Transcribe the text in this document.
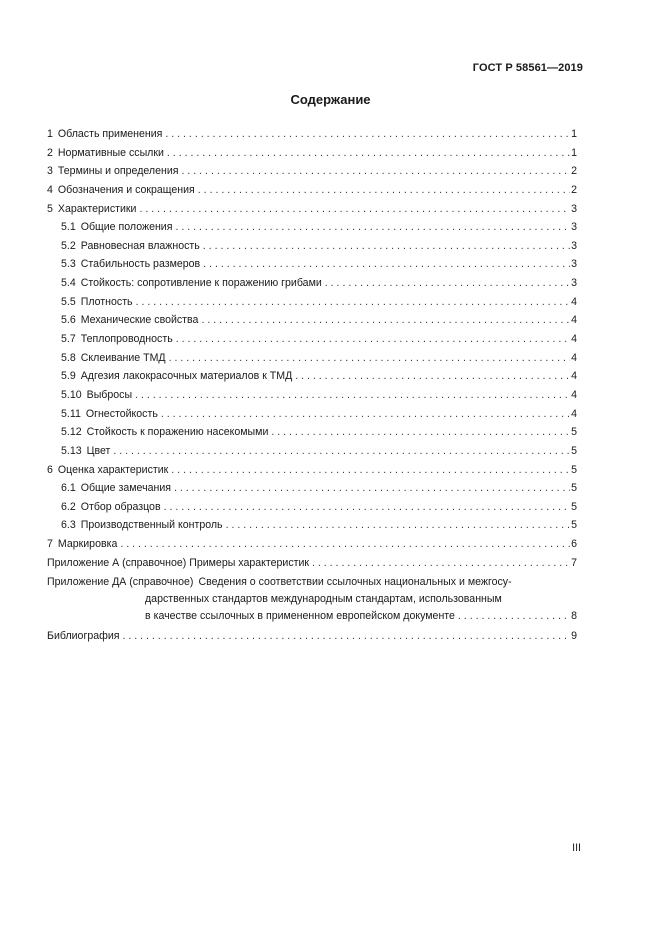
ГОСТ Р 58561—2019
Содержание
1 Область применения . . .	1
2 Нормативные ссылки . . .	1
3 Термины и определения . . .	2
4 Обозначения и сокращения . . .	2
5 Характеристики . . .	3
5.1 Общие положения . . .	3
5.2 Равновесная влажность . . .	3
5.3 Стабильность размеров . . .	3
5.4 Стойкость: сопротивление к поражению грибами . . .	3
5.5 Плотность . . .	4
5.6 Механические свойства . . .	4
5.7 Теплопроводность . . .	4
5.8 Склеивание ТМД . . .	4
5.9 Адгезия лакокрасочных материалов к ТМД . . .	4
5.10 Выбросы . . .	4
5.11 Огнестойкость . . .	4
5.12 Стойкость к поражению насекомыми . . .	5
5.13 Цвет . . .	5
6 Оценка характеристик . . .	5
6.1 Общие замечания . . .	5
6.2 Отбор образцов . . .	5
6.3 Производственный контроль . . .	5
7 Маркировка . . .	6
Приложение А (справочное) Примеры характеристик . . .	7
Приложение ДА (справочное) Сведения о соответствии ссылочных национальных и межгосу-
дарственных стандартов международным стандартам, использованным
в качестве ссылочных в примененном европейском документе . . .	8
Библиография . . .	9
III
